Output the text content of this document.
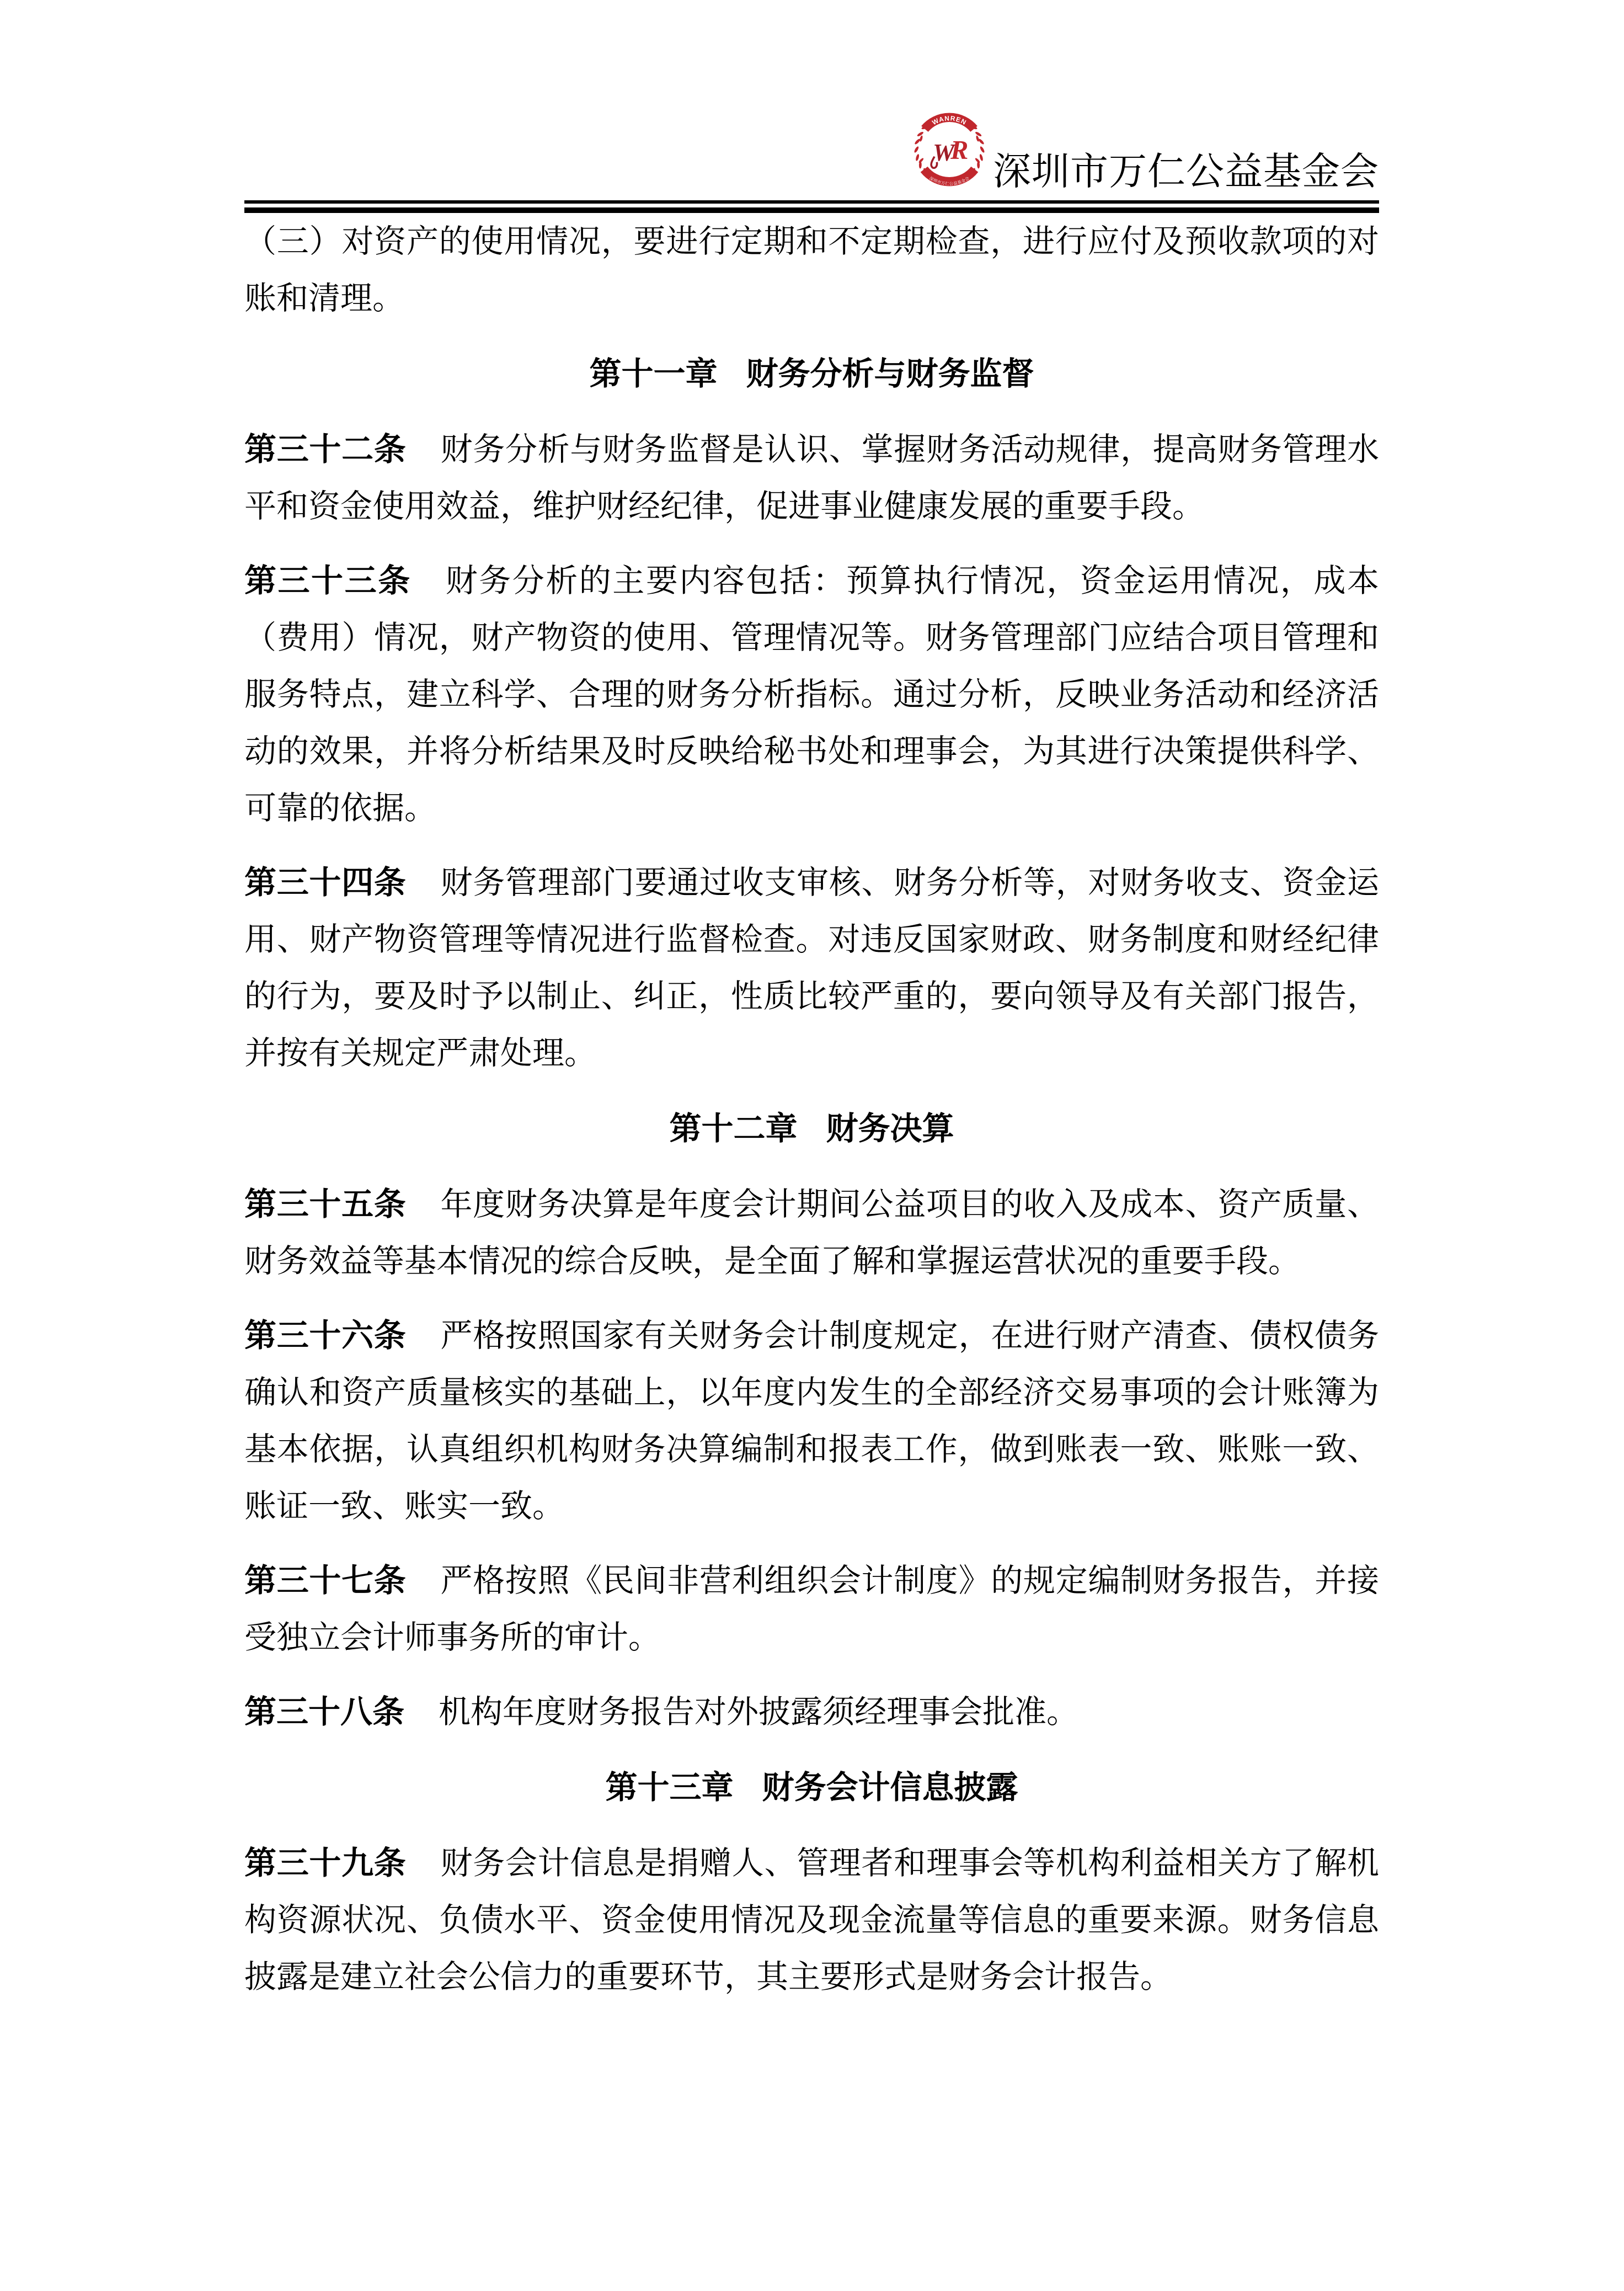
WANREN
深圳市万仁公益基金会
W
R
深圳市万仁公益基金会

（三）对资产的使用情况，要进行定期和不定期检查，进行应付及预收款项的对账和清理。

第十一章 财务分析与财务监督

第三十二条 财务分析与财务监督是认识、掌握财务活动规律，提高财务管理水平和资金使用效益，维护财经纪律，促进事业健康发展的重要手段。

第三十三条 财务分析的主要内容包括：预算执行情况，资金运用情况，成本（费用）情况，财产物资的使用、管理情况等。财务管理部门应结合项目管理和服务特点，建立科学、合理的财务分析指标。通过分析，反映业务活动和经济活动的效果，并将分析结果及时反映给秘书处和理事会，为其进行决策提供科学、可靠的依据。

第三十四条 财务管理部门要通过收支审核、财务分析等，对财务收支、资金运用、财产物资管理等情况进行监督检查。对违反国家财政、财务制度和财经纪律的行为，要及时予以制止、纠正，性质比较严重的，要向领导及有关部门报告，并按有关规定严肃处理。

第十二章 财务决算

第三十五条 年度财务决算是年度会计期间公益项目的收入及成本、资产质量、财务效益等基本情况的综合反映，是全面了解和掌握运营状况的重要手段。

第三十六条 严格按照国家有关财务会计制度规定，在进行财产清查、债权债务确认和资产质量核实的基础上，以年度内发生的全部经济交易事项的会计账簿为基本依据，认真组织机构财务决算编制和报表工作，做到账表一致、账账一致、账证一致、账实一致。

第三十七条 严格按照《民间非营利组织会计制度》的规定编制财务报告，并接受独立会计师事务所的审计。

第三十八条 机构年度财务报告对外披露须经理事会批准。

第十三章 财务会计信息披露

第三十九条 财务会计信息是捐赠人、管理者和理事会等机构利益相关方了解机构资源状况、负债水平、资金使用情况及现金流量等信息的重要来源。财务信息披露是建立社会公信力的重要环节，其主要形式是财务会计报告。
